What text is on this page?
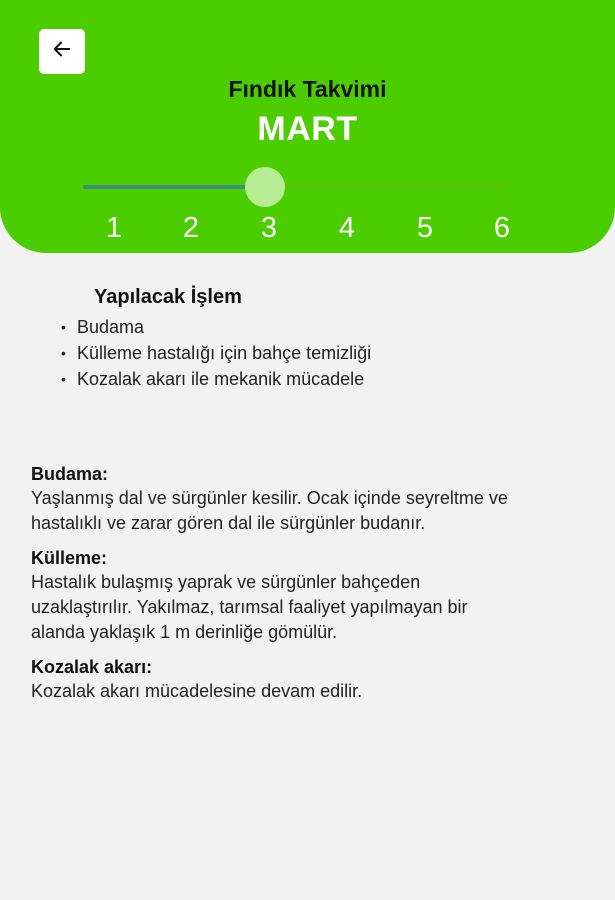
Fındık Takvimi
MART
1	2	3	4	5	6
Yapılacak İşlem
• Budama
• Külleme hastalığı için bahçe temizliği
• Kozalak akarı ile mekanik mücadele
Budama:
Yaşlanmış dal ve sürgünler kesilir. Ocak içinde seyreltme ve
hastalıklı ve zarar gören dal ile sürgünler budanır.
Külleme:
Hastalık bulaşmış yaprak ve sürgünler bahçeden
uzaklaştırılır. Yakılmaz, tarımsal faaliyet yapılmayan bir
alanda yaklaşık 1 m derinliğe gömülür.
Kozalak akarı:
Kozalak akarı mücadelesine devam edilir.
